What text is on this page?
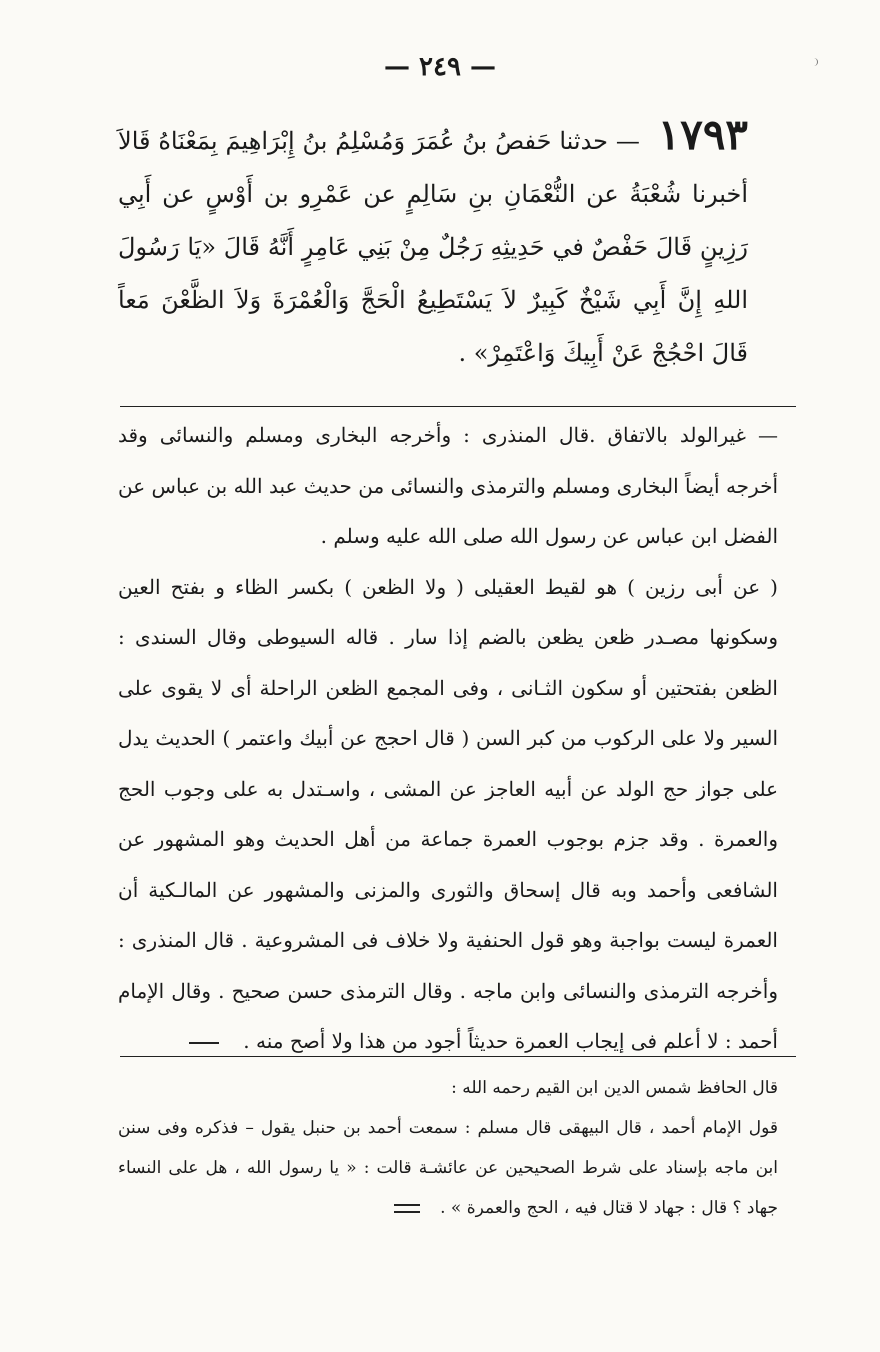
— ٢٤٩ —
١٧٩٣ — حدثنا حَفصُ بنُ عُمَرَ وَمُسْلِمُ بنُ إِبْرَاهِيمَ بِمَعْنَاهُ قَالاَ أخبرنا شُعْبَةُ عن النُّعْمَانِ بنِ سَالِمٍ عن عَمْرِو بن أَوْسٍ عن أَبِي رَزِينٍ قَالَ حَفْصٌ في حَدِيثِهِ رَجُلٌ مِنْ بَنِي عَامِرٍ أَنَّهُ قَالَ «يَا رَسُولَ اللهِ إِنَّ أَبِي شَيْخٌ كَبِيرٌ لاَ يَسْتَطِيعُ الْحَجَّ وَالْعُمْرَةَ وَلاَ الظَّعْنَ مَعاً قَالَ احْجُجْ عَنْ أَبِيكَ وَاعْتَمِرْ» .

— غيرالولد بالاتفاق .قال المنذرى : وأخرجه البخارى ومسلم والنسائى وقد أخرجه أيضاً البخارى ومسلم والترمذى والنسائى من حديث عبد الله بن عباس عن الفضل ابن عباس عن رسول الله صلى الله عليه وسلم .

( عن أبى رزين ) هو لقيط العقيلى ( ولا الظعن ) بكسر الظاء و بفتح العين وسكونها مصـدر ظعن يظعن بالضم إذا سار . قاله السيوطى وقال السندى : الظعن بفتحتين أو سكون الثـانى ، وفى المجمع الظعن الراحلة أى لا يقوى على السير ولا على الركوب من كبر السن ( قال احجج عن أبيك واعتمر ) الحديث يدل على جواز حج الولد عن أبيه العاجز عن المشى ، واسـتدل به على وجوب الحج والعمرة . وقد جزم بوجوب العمرة جماعة من أهل الحديث وهو المشهور عن الشافعى وأحمد وبه قال إسحاق والثورى والمزنى والمشهور عن المالـكية أن العمرة ليست بواجبة وهو قول الحنفية ولا خلاف فى المشروعية . قال المنذرى : وأخرجه الترمذى والنسائى وابن ماجه . وقال الترمذى حسن صحيح . وقال الإمام أحمد : لا أعلم فى إيجاب العمرة حديثاً أجود من هذا ولا أصح منه .

قال الحافظ شمس الدين ابن القيم رحمه الله :

قول الإمام أحمد ، قال البيهقى قال مسلم : سمعت أحمد بن حنبل يقول – فذكره وفى سنن ابن ماجه بإسناد على شرط الصحيحين عن عائشـة قالت : « يا رسول الله ، هل على النساء جهاد ؟ قال : جهاد لا قتال فيه ، الحج والعمرة » .
